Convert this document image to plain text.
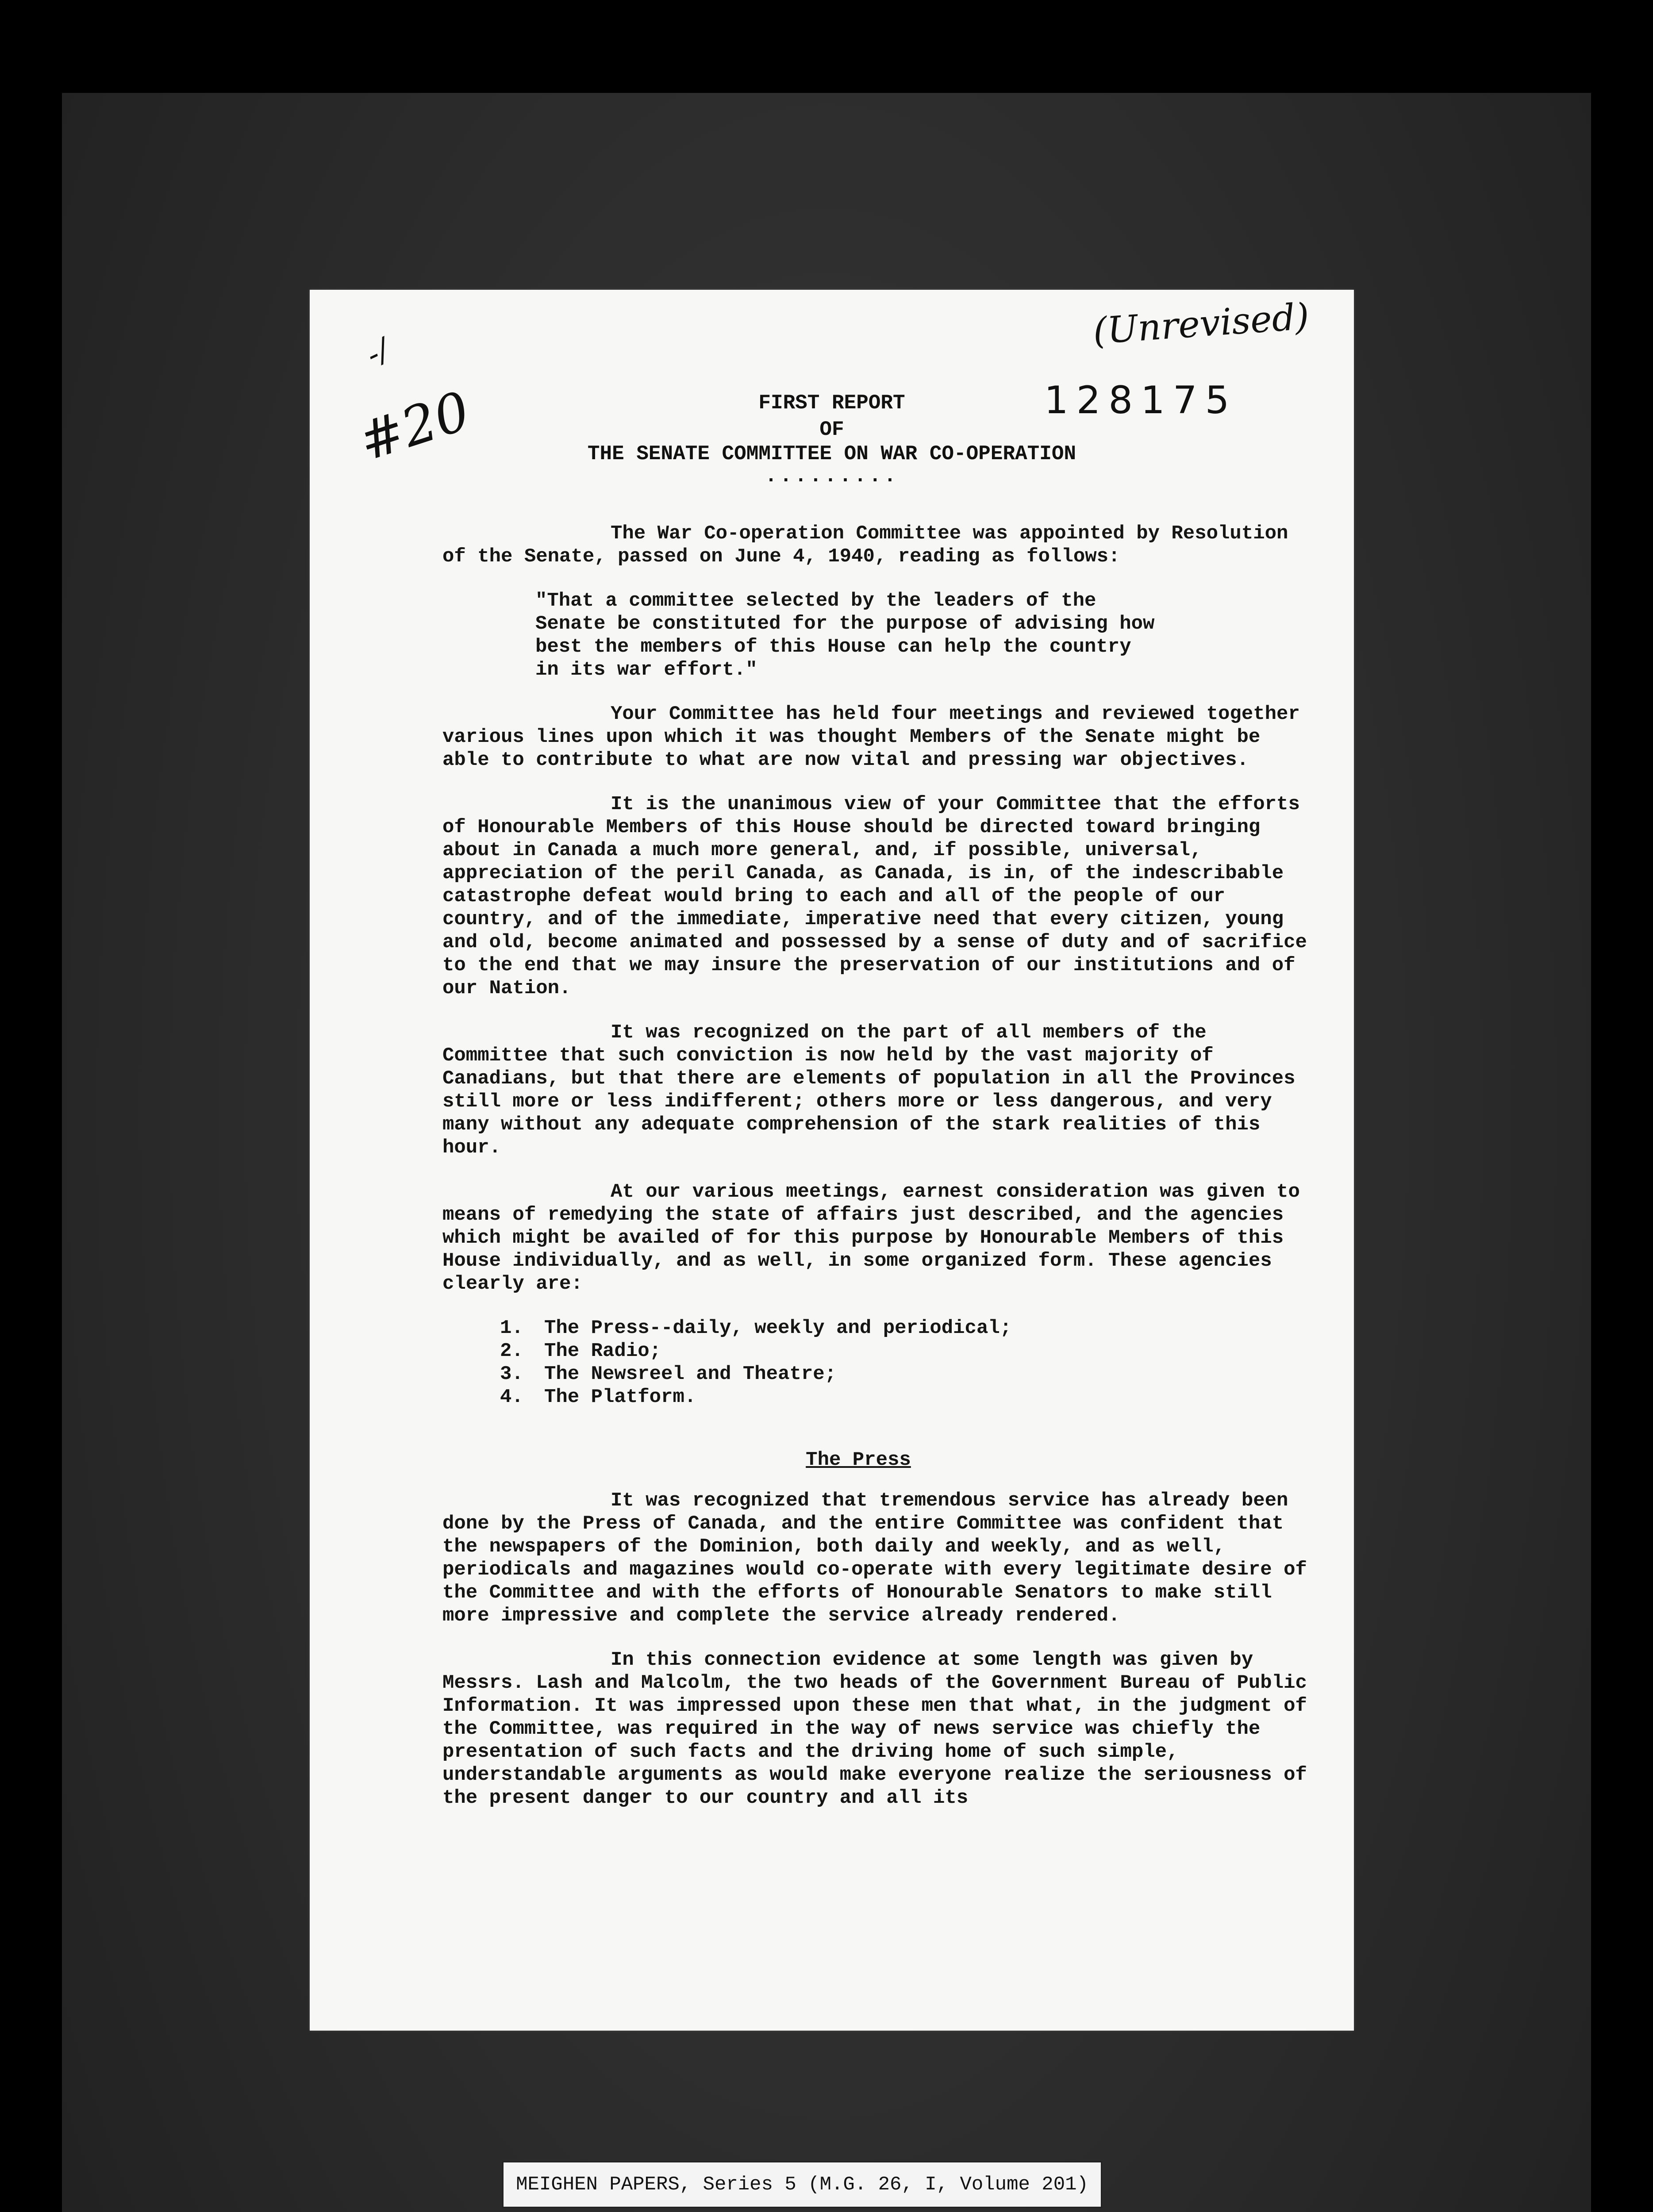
(Unrevised)
128175
#20
-/
FIRST REPORT
OF
THE SENATE COMMITTEE ON WAR CO-OPERATION
.........

The War Co-operation Committee was appointed by Resolution of the Senate, passed on June 4, 1940, reading as follows:

"That a committee selected by the leaders of the Senate be constituted for the purpose of advising how best the members of this House can help the country in its war effort."

Your Committee has held four meetings and reviewed together various lines upon which it was thought Members of the Senate might be able to contribute to what are now vital and pressing war objectives.

It is the unanimous view of your Committee that the efforts of Honourable Members of this House should be directed toward bringing about in Canada a much more general, and, if possible, universal, appreciation of the peril Canada, as Canada, is in, of the indescribable catastrophe defeat would bring to each and all of the people of our country, and of the immediate, imperative need that every citizen, young and old, become animated and possessed by a sense of duty and of sacrifice to the end that we may insure the preservation of our institutions and of our Nation.

It was recognized on the part of all members of the Committee that such conviction is now held by the vast majority of Canadians, but that there are elements of population in all the Provinces still more or less indifferent; others more or less dangerous, and very many without any adequate comprehension of the stark realities of this hour.

At our various meetings, earnest consideration was given to means of remedying the state of affairs just described, and the agencies which might be availed of for this purpose by Honourable Members of this House individually, and as well, in some organized form. These agencies clearly are:

1. The Press--daily, weekly and periodical;
2. The Radio;
3. The Newsreel and Theatre;
4. The Platform.
The Press

It was recognized that tremendous service has already been done by the Press of Canada, and the entire Committee was confident that the newspapers of the Dominion, both daily and weekly, and as well, periodicals and magazines would co-operate with every legitimate desire of the Committee and with the efforts of Honourable Senators to make still more impressive and complete the service already rendered.

In this connection evidence at some length was given by Messrs. Lash and Malcolm, the two heads of the Government Bureau of Public Information. It was impressed upon these men that what, in the judgment of the Committee, was required in the way of news service was chiefly the presentation of such facts and the driving home of such simple, understandable arguments as would make everyone realize the seriousness of the present danger to our country and all its

MEIGHEN PAPERS, Series 5 (M.G. 26, I, Volume 201)
